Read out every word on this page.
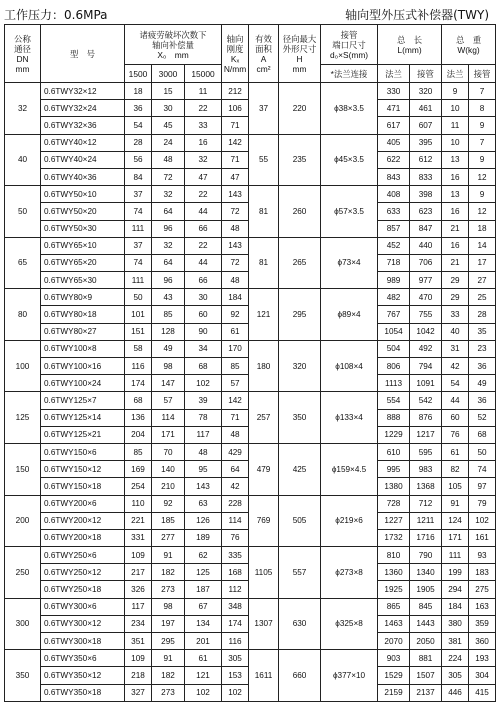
工作压力：0.6MPa	轴向型外压式补偿器(TWY)
公称
通径
DN
mm	型　号	诸疲劳破坏次数下
轴向补偿量
X₀　mm			轴向
刚度
Kₓ
N/mm	有效
面积
A
cm²	径向最大
外形尺寸
H
mm	接管
端口尺寸
d₀×S(mm)	总　长
L(mm)		总　重
W(kg)	
		1500	3000	15000				*法兰连接	法兰	接管	法兰	接管
32	0.6TWY32×12	18	15	11	212	37	220	ϕ38×3.5	330	320	9	7
	0.6TWY32×24	36	30	22	106				471	461	10	8
	0.6TWY32×36	54	45	33	71				617	607	11	9
40	0.6TWY40×12	28	24	16	142	55	235	ϕ45×3.5	405	395	10	7
	0.6TWY40×24	56	48	32	71				622	612	13	9
	0.6TWY40×36	84	72	47	47				843	833	16	12
50	0.6TWY50×10	37	32	22	143	81	260	ϕ57×3.5	408	398	13	9
	0.6TWY50×20	74	64	44	72				633	623	16	12
	0.6TWY50×30	111	96	66	48				857	847	21	18
65	0.6TWY65×10	37	32	22	143	81	265	ϕ73×4	452	440	16	14
	0.6TWY65×20	74	64	44	72				718	706	21	17
	0.6TWY65×30	111	96	66	48				989	977	29	27
80	0.6TWY80×9	50	43	30	184	121	295	ϕ89×4	482	470	29	25
	0.6TWY80×18	101	85	60	92				767	755	33	28
	0.6TWY80×27	151	128	90	61				1054	1042	40	35
100	0.6TWY100×8	58	49	34	170	180	320	ϕ108×4	504	492	31	23
	0.6TWY100×16	116	98	68	85				806	794	42	36
	0.6TWY100×24	174	147	102	57				1113	1091	54	49
125	0.6TWY125×7	68	57	39	142	257	350	ϕ133×4	554	542	44	36
	0.6TWY125×14	136	114	78	71				888	876	60	52
	0.6TWY125×21	204	171	117	48				1229	1217	76	68
150	0.6TWY150×6	85	70	48	429	479	425	ϕ159×4.5	610	595	61	50
	0.6TWY150×12	169	140	95	64				995	983	82	74
	0.6TWY150×18	254	210	143	42				1380	1368	105	97
200	0.6TWY200×6	110	92	63	228	769	505	ϕ219×6	728	712	91	79
	0.6TWY200×12	221	185	126	114				1227	1211	124	102
	0.6TWY200×18	331	277	189	76				1732	1716	171	161
250	0.6TWY250×6	109	91	62	335	1105	557	ϕ273×8	810	790	111	93
	0.6TWY250×12	217	182	125	168				1360	1340	199	183
	0.6TWY250×18	326	273	187	112				1925	1905	294	275
300	0.6TWY300×6	117	98	67	348	1307	630	ϕ325×8	865	845	184	163
	0.6TWY300×12	234	197	134	174				1463	1443	380	359
	0.6TWY300×18	351	295	201	116				2070	2050	381	360
350	0.6TWY350×6	109	91	61	305	1611	660	ϕ377×10	903	881	224	193
	0.6TWY350×12	218	182	121	153				1529	1507	305	304
	0.6TWY350×18	327	273	102	102				2159	2137	446	415
